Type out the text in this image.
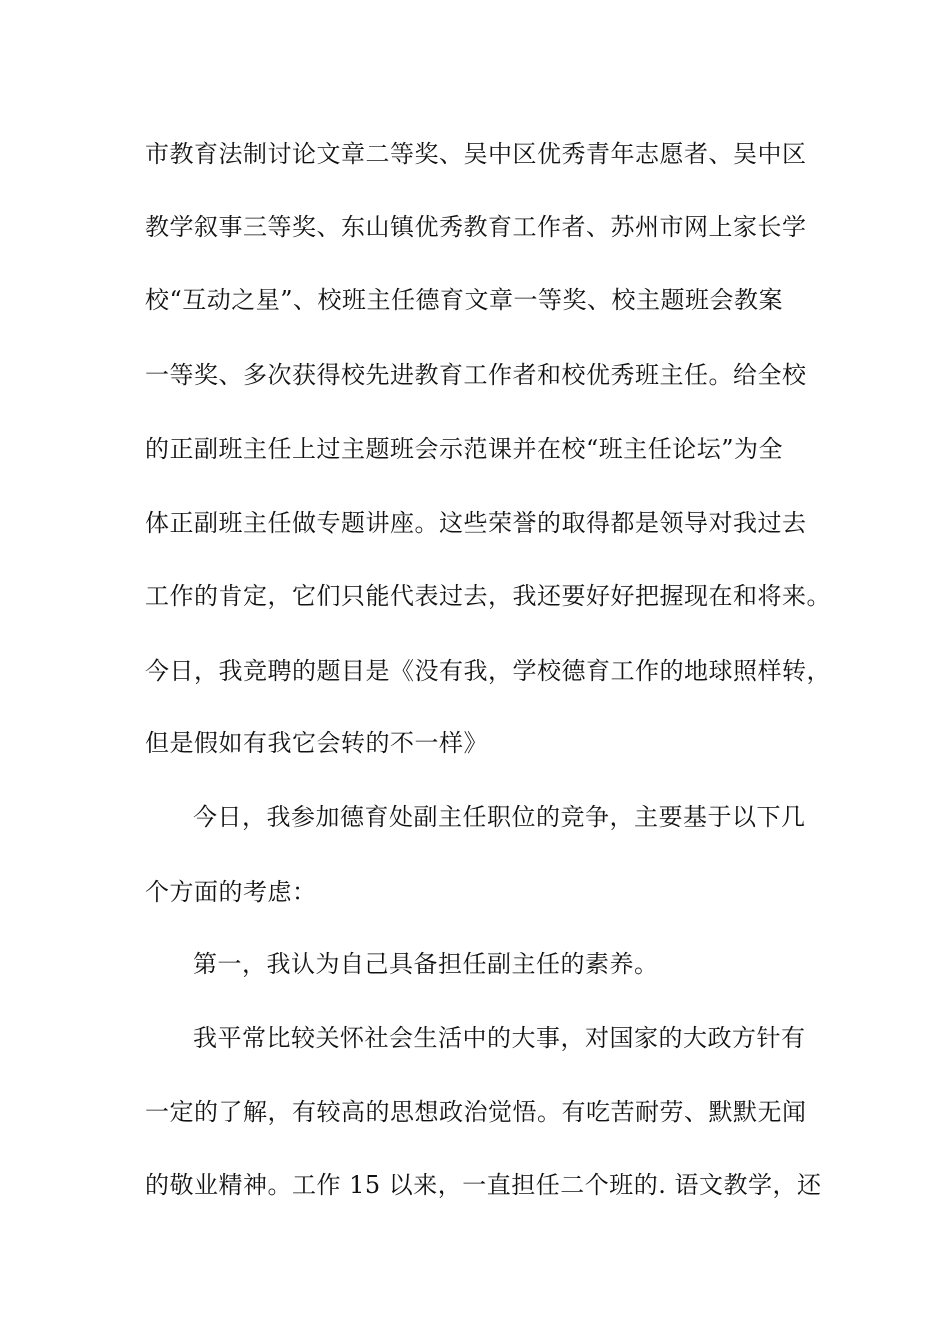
市教育法制讨论文章二等奖、吴中区优秀青年志愿者、吴中区
教学叙事三等奖、东山镇优秀教育工作者、苏州市网上家长学
校“互动之星”、校班主任德育文章一等奖、校主题班会教案
一等奖、多次获得校先进教育工作者和校优秀班主任。给全校
的正副班主任上过主题班会示范课并在校“班主任论坛”为全
体正副班主任做专题讲座。这些荣誉的取得都是领导对我过去
工作的肯定，它们只能代表过去，我还要好好把握现在和将来。
今日，我竞聘的题目是《没有我，学校德育工作的地球照样转，
但是假如有我它会转的不一样》
今日，我参加德育处副主任职位的竞争，主要基于以下几
个方面的考虑：
第一，我认为自己具备担任副主任的素养。
我平常比较关怀社会生活中的大事，对国家的大政方针有
一定的了解，有较高的思想政治觉悟。有吃苦耐劳、默默无闻
的敬业精神。工作 15 以来，一直担任二个班的. 语文教学，还
